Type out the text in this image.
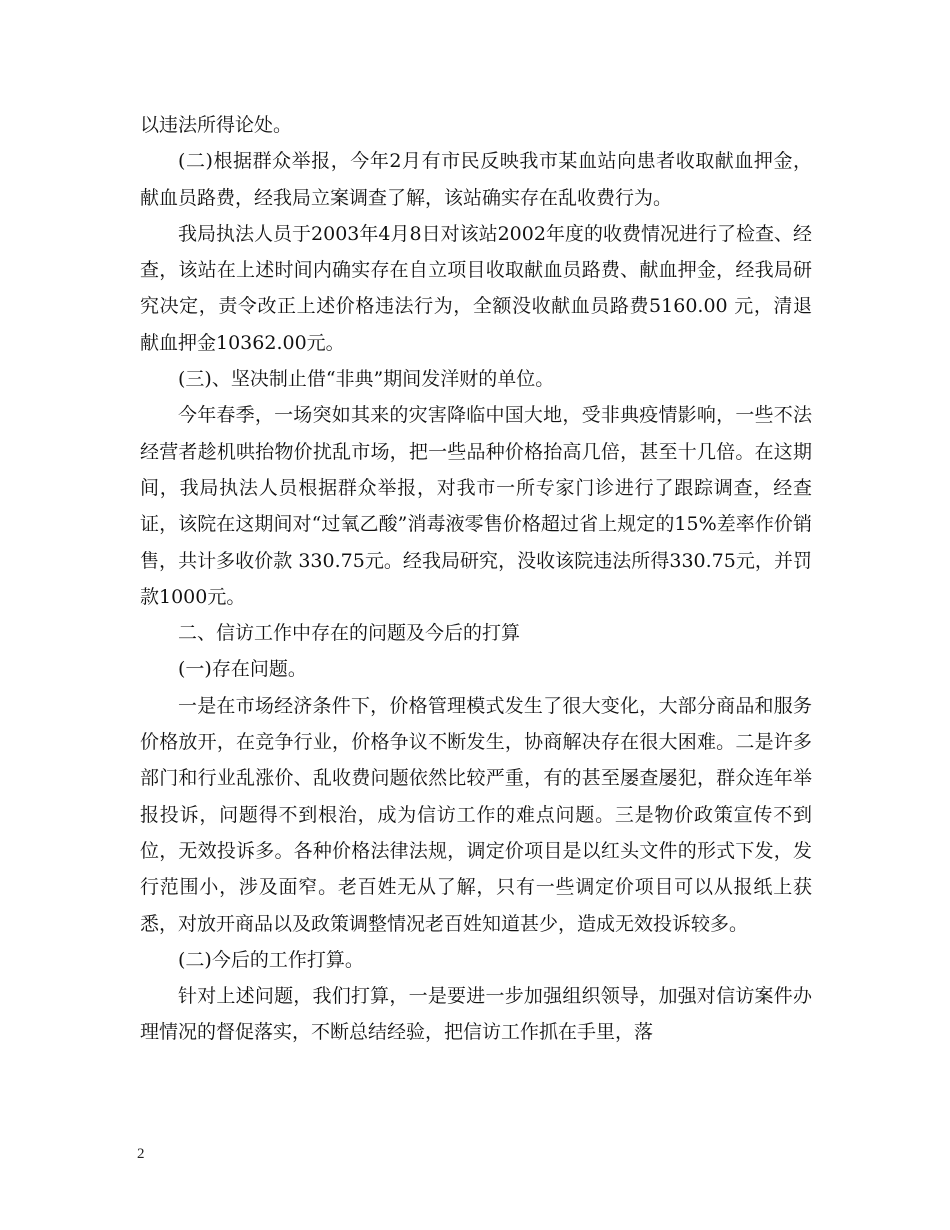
以违法所得论处。

(二)根据群众举报，今年2月有市民反映我市某血站向患者收取献血押金，献血员路费，经我局立案调查了解，该站确实存在乱收费行为。

我局执法人员于2003年4月8日对该站2002年度的收费情况进行了检查、经查，该站在上述时间内确实存在自立项目收取献血员路费、献血押金，经我局研究决定，责令改正上述价格违法行为，全额没收献血员路费5160.00 元，清退献血押金10362.00元。

(三)、坚决制止借“非典”期间发洋财的单位。

今年春季，一场突如其来的灾害降临中国大地，受非典疫情影响，一些不法经营者趁机哄抬物价扰乱市场，把一些品种价格抬高几倍，甚至十几倍。在这期间，我局执法人员根据群众举报，对我市一所专家门诊进行了跟踪调查，经查证，该院在这期间对“过氧乙酸”消毒液零售价格超过省上规定的15%差率作价销售，共计多收价款 330.75元。经我局研究，没收该院违法所得330.75元，并罚款1000元。

二、信访工作中存在的问题及今后的打算

(一)存在问题。

一是在市场经济条件下，价格管理模式发生了很大变化，大部分商品和服务价格放开，在竞争行业，价格争议不断发生，协商解决存在很大困难。二是许多部门和行业乱涨价、乱收费问题依然比较严重，有的甚至屡查屡犯，群众连年举报投诉，问题得不到根治，成为信访工作的难点问题。三是物价政策宣传不到位，无效投诉多。各种价格法律法规，调定价项目是以红头文件的形式下发，发行范围小，涉及面窄。老百姓无从了解，只有一些调定价项目可以从报纸上获悉，对放开商品以及政策调整情况老百姓知道甚少，造成无效投诉较多。

(二)今后的工作打算。

针对上述问题，我们打算，一是要进一步加强组织领导，加强对信访案件办理情况的督促落实，不断总结经验，把信访工作抓在手里，落

2
